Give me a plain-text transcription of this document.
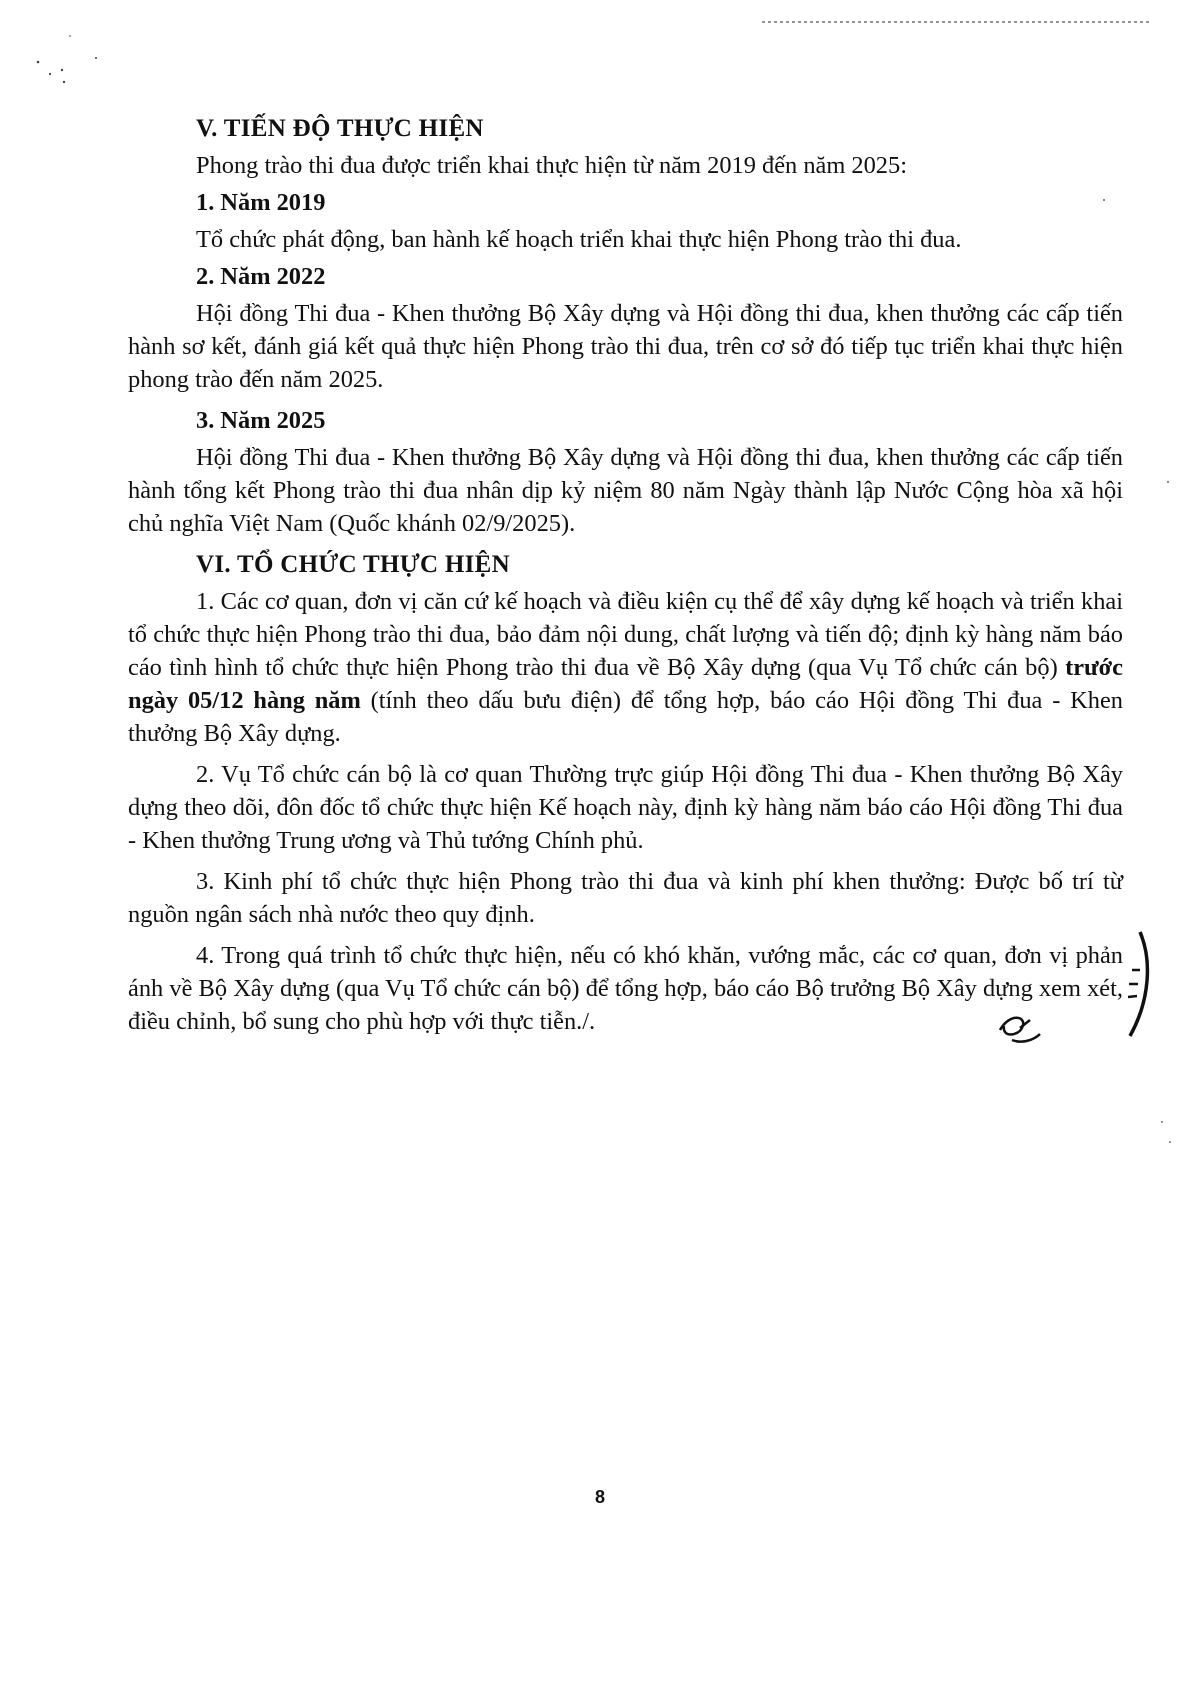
V. TIẾN ĐỘ THỰC HIỆN
Phong trào thi đua được triển khai thực hiện từ năm 2019 đến năm 2025:
1. Năm 2019
Tổ chức phát động, ban hành kế hoạch triển khai thực hiện Phong trào thi đua.
2. Năm 2022

Hội đồng Thi đua - Khen thưởng Bộ Xây dựng và Hội đồng thi đua, khen thưởng các cấp tiến hành sơ kết, đánh giá kết quả thực hiện Phong trào thi đua, trên cơ sở đó tiếp tục triển khai thực hiện phong trào đến năm 2025.

3. Năm 2025

Hội đồng Thi đua - Khen thưởng Bộ Xây dựng và Hội đồng thi đua, khen thưởng các cấp tiến hành tổng kết Phong trào thi đua nhân dịp kỷ niệm 80 năm Ngày thành lập Nước Cộng hòa xã hội chủ nghĩa Việt Nam (Quốc khánh 02/9/2025).

VI. TỔ CHỨC THỰC HIỆN

1. Các cơ quan, đơn vị căn cứ kế hoạch và điều kiện cụ thể để xây dựng kế hoạch và triển khai tổ chức thực hiện Phong trào thi đua, bảo đảm nội dung, chất lượng và tiến độ; định kỳ hàng năm báo cáo tình hình tổ chức thực hiện Phong trào thi đua về Bộ Xây dựng (qua Vụ Tổ chức cán bộ) trước ngày 05/12 hàng năm (tính theo dấu bưu điện) để tổng hợp, báo cáo Hội đồng Thi đua - Khen thưởng Bộ Xây dựng.

2. Vụ Tổ chức cán bộ là cơ quan Thường trực giúp Hội đồng Thi đua - Khen thưởng Bộ Xây dựng theo dõi, đôn đốc tổ chức thực hiện Kế hoạch này, định kỳ hàng năm báo cáo Hội đồng Thi đua - Khen thưởng Trung ương và Thủ tướng Chính phủ.

3. Kinh phí tổ chức thực hiện Phong trào thi đua và kinh phí khen thưởng: Được bố trí từ nguồn ngân sách nhà nước theo quy định.

4. Trong quá trình tổ chức thực hiện, nếu có khó khăn, vướng mắc, các cơ quan, đơn vị phản ánh về Bộ Xây dựng (qua Vụ Tổ chức cán bộ) để tổng hợp, báo cáo Bộ trưởng Bộ Xây dựng xem xét, điều chỉnh, bổ sung cho phù hợp với thực tiễn./.

8
